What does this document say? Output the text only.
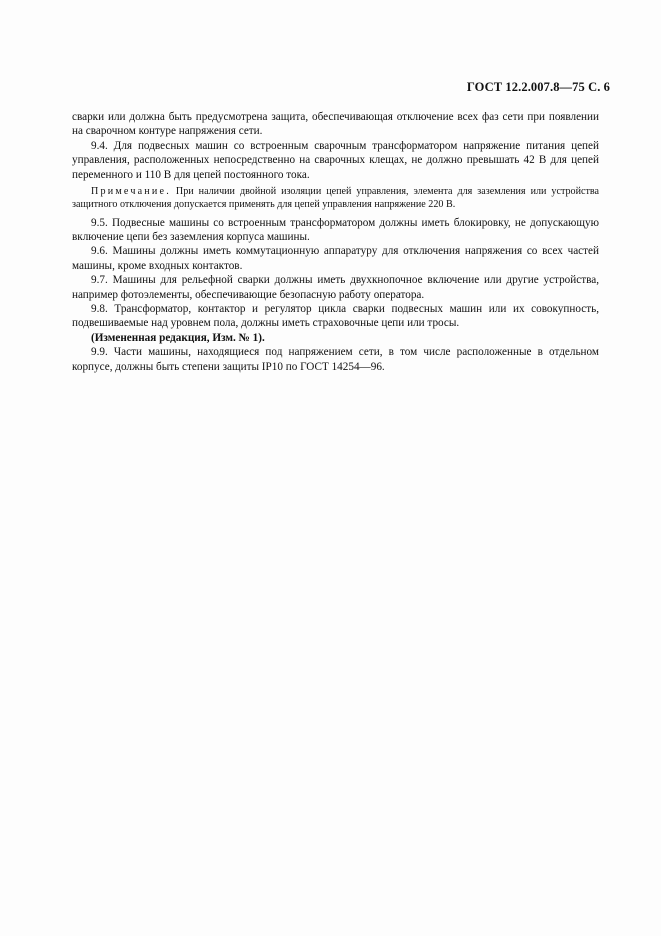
ГОСТ 12.2.007.8—75 С. 6

сварки или должна быть предусмотрена защита, обеспечивающая отключение всех фаз сети при появлении на сварочном контуре напряжения сети.

9.4. Для подвесных машин со встроенным сварочным трансформатором напряжение питания цепей управления, расположенных непосредственно на сварочных клещах, не должно превышать 42 В для цепей переменного и 110 В для цепей постоянного тока.

Примечание. При наличии двойной изоляции цепей управления, элемента для заземления или устройства защитного отключения допускается применять для цепей управления напряжение 220 В.

9.5. Подвесные машины со встроенным трансформатором должны иметь блокировку, не допускающую включение цепи без заземления корпуса машины.

9.6. Машины должны иметь коммутационную аппаратуру для отключения напряжения со всех частей машины, кроме входных контактов.

9.7. Машины для рельефной сварки должны иметь двухкнопочное включение или другие устройства, например фотоэлементы, обеспечивающие безопасную работу оператора.

9.8. Трансформатор, контактор и регулятор цикла сварки подвесных машин или их совокупность, подвешиваемые над уровнем пола, должны иметь страховочные цепи или тросы.

(Измененная редакция, Изм. № 1).

9.9. Части машины, находящиеся под напряжением сети, в том числе расположенные в отдельном корпусе, должны быть степени защиты IP10 по ГОСТ 14254—96.
